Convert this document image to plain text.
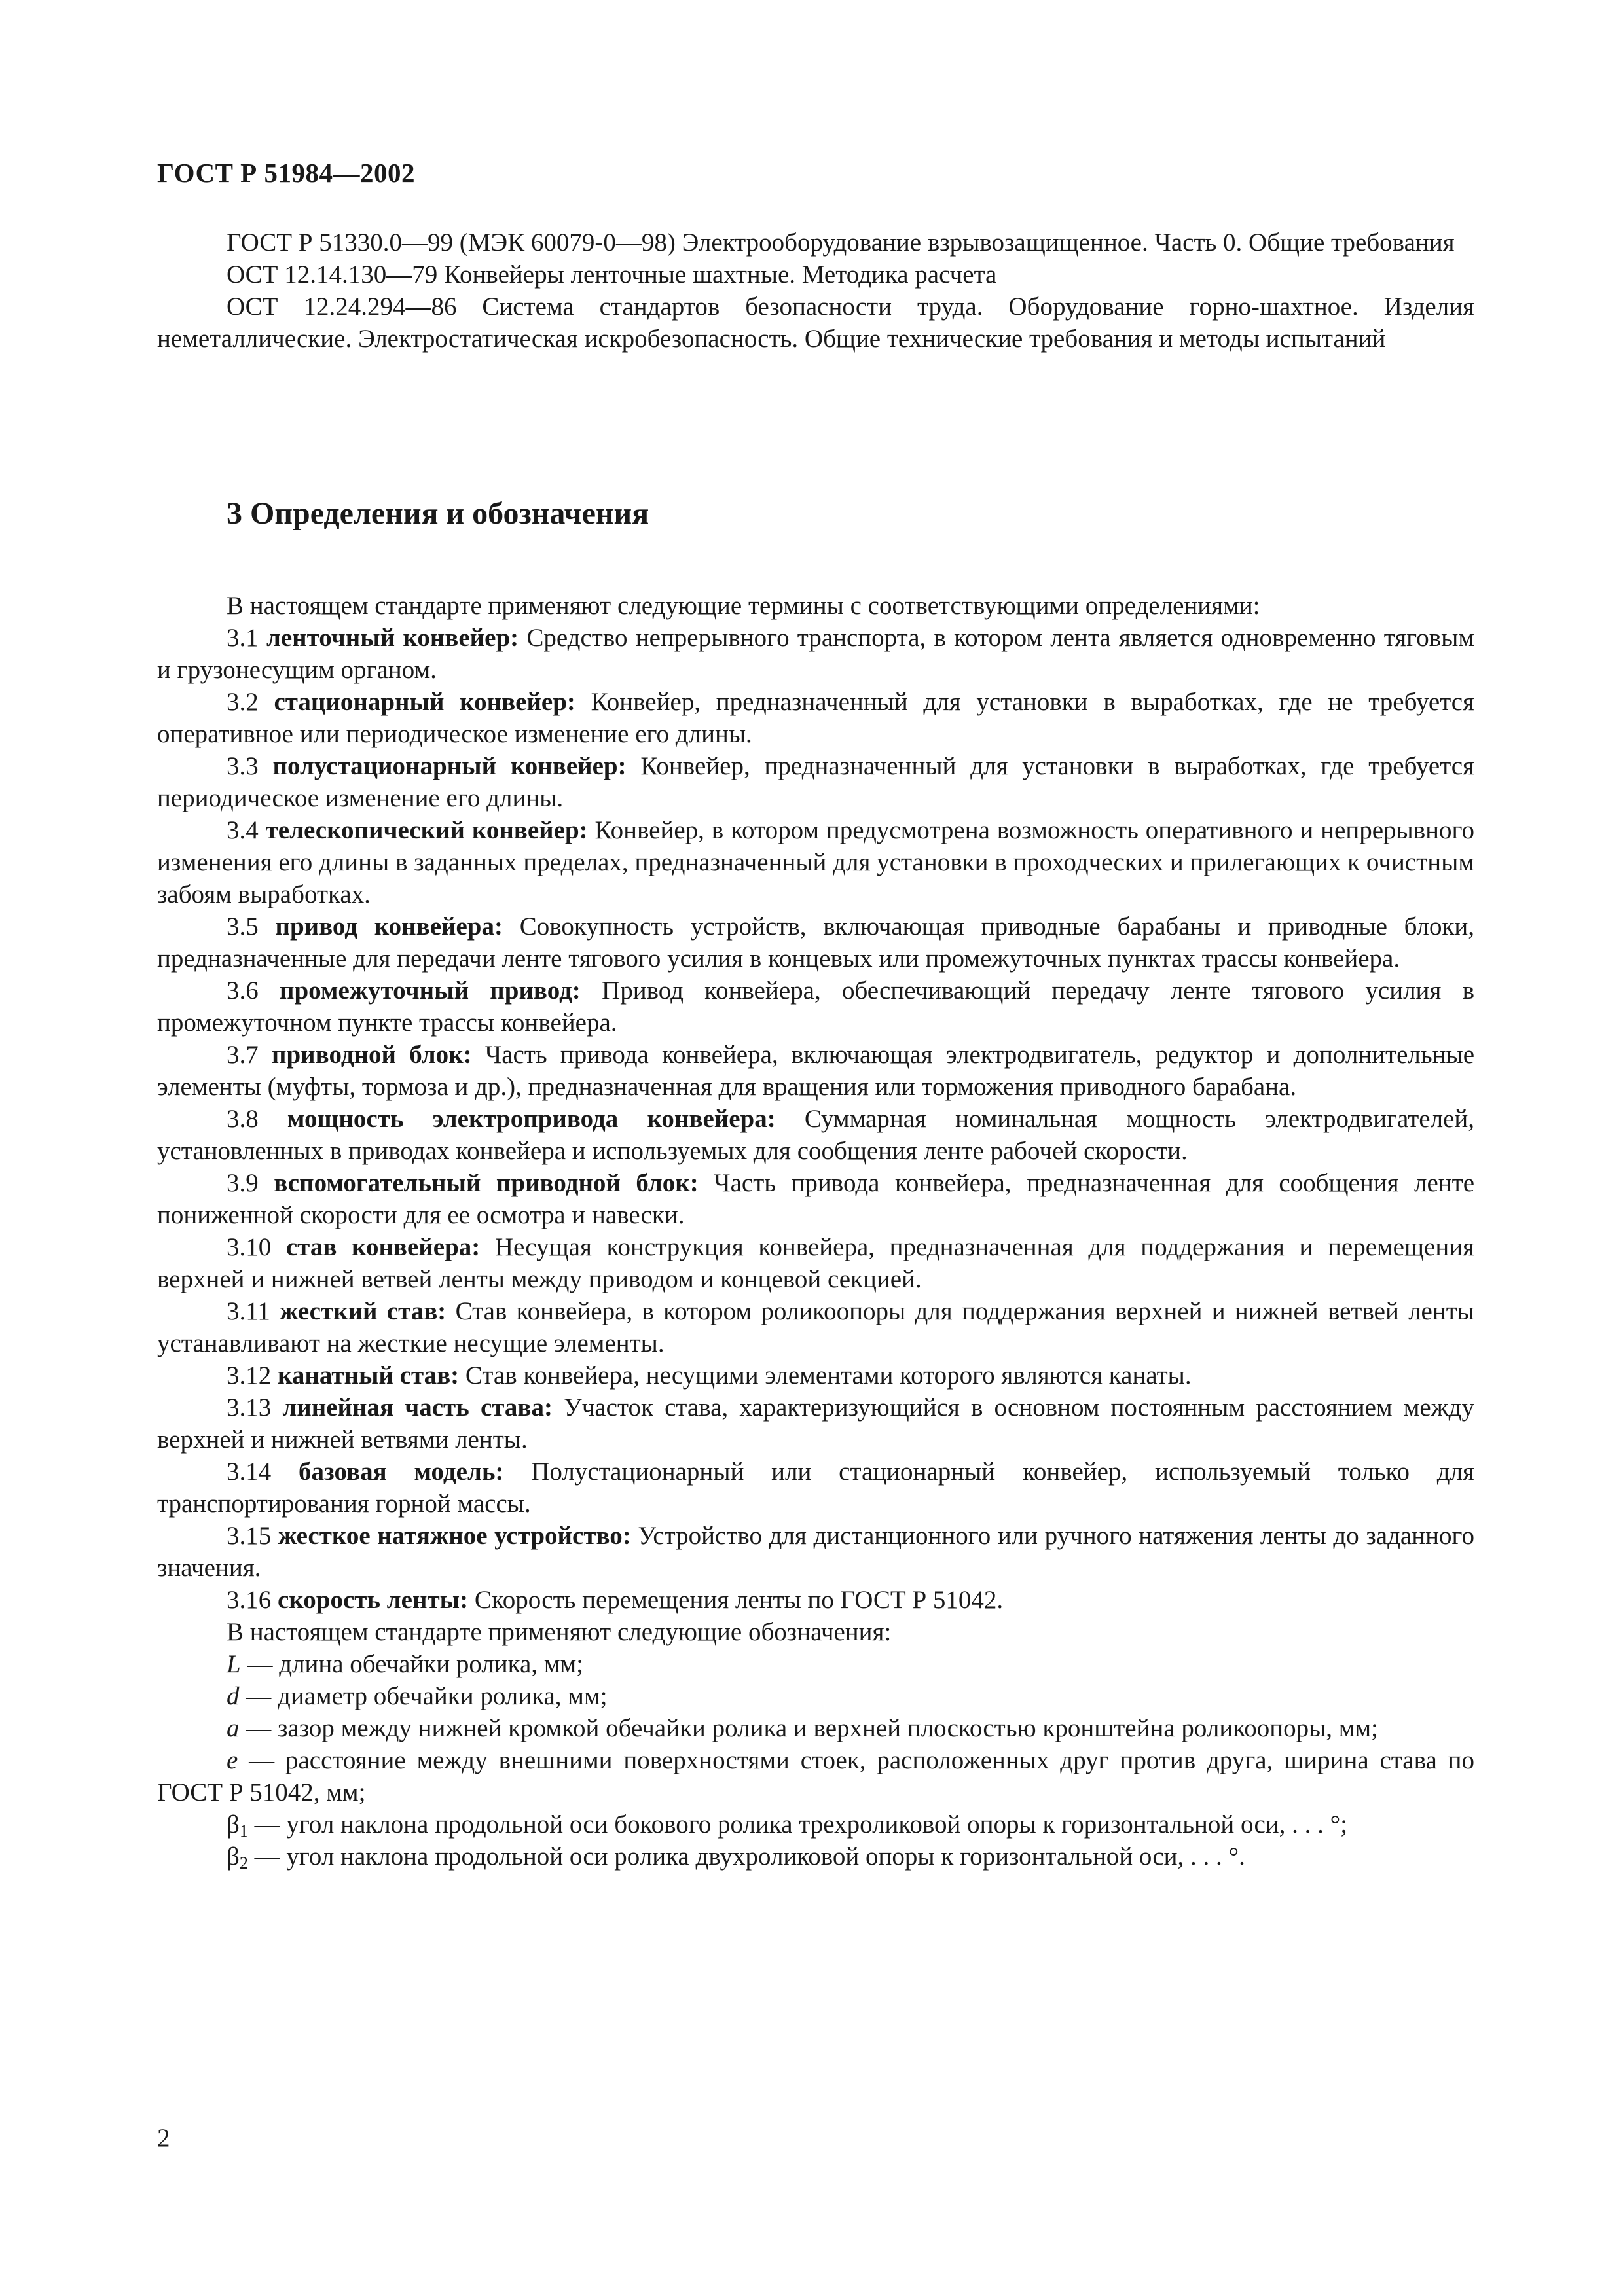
ГОСТ Р 51984—2002

ГОСТ Р 51330.0—99 (МЭК 60079-0—98) Электрооборудование взрывозащищенное. Часть 0. Общие требования

ОСТ 12.14.130—79 Конвейеры ленточные шахтные. Методика расчета

ОСТ 12.24.294—86 Система стандартов безопасности труда. Оборудование горно-шахтное. Изделия неметаллические. Электростатическая искробезопасность. Общие технические требования и методы испытаний

3 Определения и обозначения

В настоящем стандарте применяют следующие термины с соответствующими определениями:

3.1 ленточный конвейер: Средство непрерывного транспорта, в котором лента является одновременно тяговым и грузонесущим органом.

3.2 стационарный конвейер: Конвейер, предназначенный для установки в выработках, где не требуется оперативное или периодическое изменение его длины.

3.3 полустационарный конвейер: Конвейер, предназначенный для установки в выработках, где требуется периодическое изменение его длины.

3.4 телескопический конвейер: Конвейер, в котором предусмотрена возможность оперативного и непрерывного изменения его длины в заданных пределах, предназначенный для установки в проходческих и прилегающих к очистным забоям выработках.

3.5 привод конвейера: Совокупность устройств, включающая приводные барабаны и приводные блоки, предназначенные для передачи ленте тягового усилия в концевых или промежуточных пунктах трассы конвейера.

3.6 промежуточный привод: Привод конвейера, обеспечивающий передачу ленте тягового усилия в промежуточном пункте трассы конвейера.

3.7 приводной блок: Часть привода конвейера, включающая электродвигатель, редуктор и дополнительные элементы (муфты, тормоза и др.), предназначенная для вращения или торможения приводного барабана.

3.8 мощность электропривода конвейера: Суммарная номинальная мощность электродвигателей, установленных в приводах конвейера и используемых для сообщения ленте рабочей скорости.

3.9 вспомогательный приводной блок: Часть привода конвейера, предназначенная для сообщения ленте пониженной скорости для ее осмотра и навески.

3.10 став конвейера: Несущая конструкция конвейера, предназначенная для поддержания и перемещения верхней и нижней ветвей ленты между приводом и концевой секцией.

3.11 жесткий став: Став конвейера, в котором роликоопоры для поддержания верхней и нижней ветвей ленты устанавливают на жесткие несущие элементы.

3.12 канатный став: Став конвейера, несущими элементами которого являются канаты.

3.13 линейная часть става: Участок става, характеризующийся в основном постоянным расстоянием между верхней и нижней ветвями ленты.

3.14 базовая модель: Полустационарный или стационарный конвейер, используемый только для транспортирования горной массы.

3.15 жесткое натяжное устройство: Устройство для дистанционного или ручного натяжения ленты до заданного значения.

3.16 скорость ленты: Скорость перемещения ленты по ГОСТ Р 51042.

В настоящем стандарте применяют следующие обозначения:

L — длина обечайки ролика, мм;

d — диаметр обечайки ролика, мм;

a — зазор между нижней кромкой обечайки ролика и верхней плоскостью кронштейна роликоопоры, мм;

e — расстояние между внешними поверхностями стоек, расположенных друг против друга, ширина става по ГОСТ Р 51042, мм;

$\beta_1$ — угол наклона продольной оси бокового ролика трехроликовой опоры к горизонтальной оси, . . . °;

$\beta_2$ — угол наклона продольной оси ролика двухроликовой опоры к горизонтальной оси, . . . °.

2
